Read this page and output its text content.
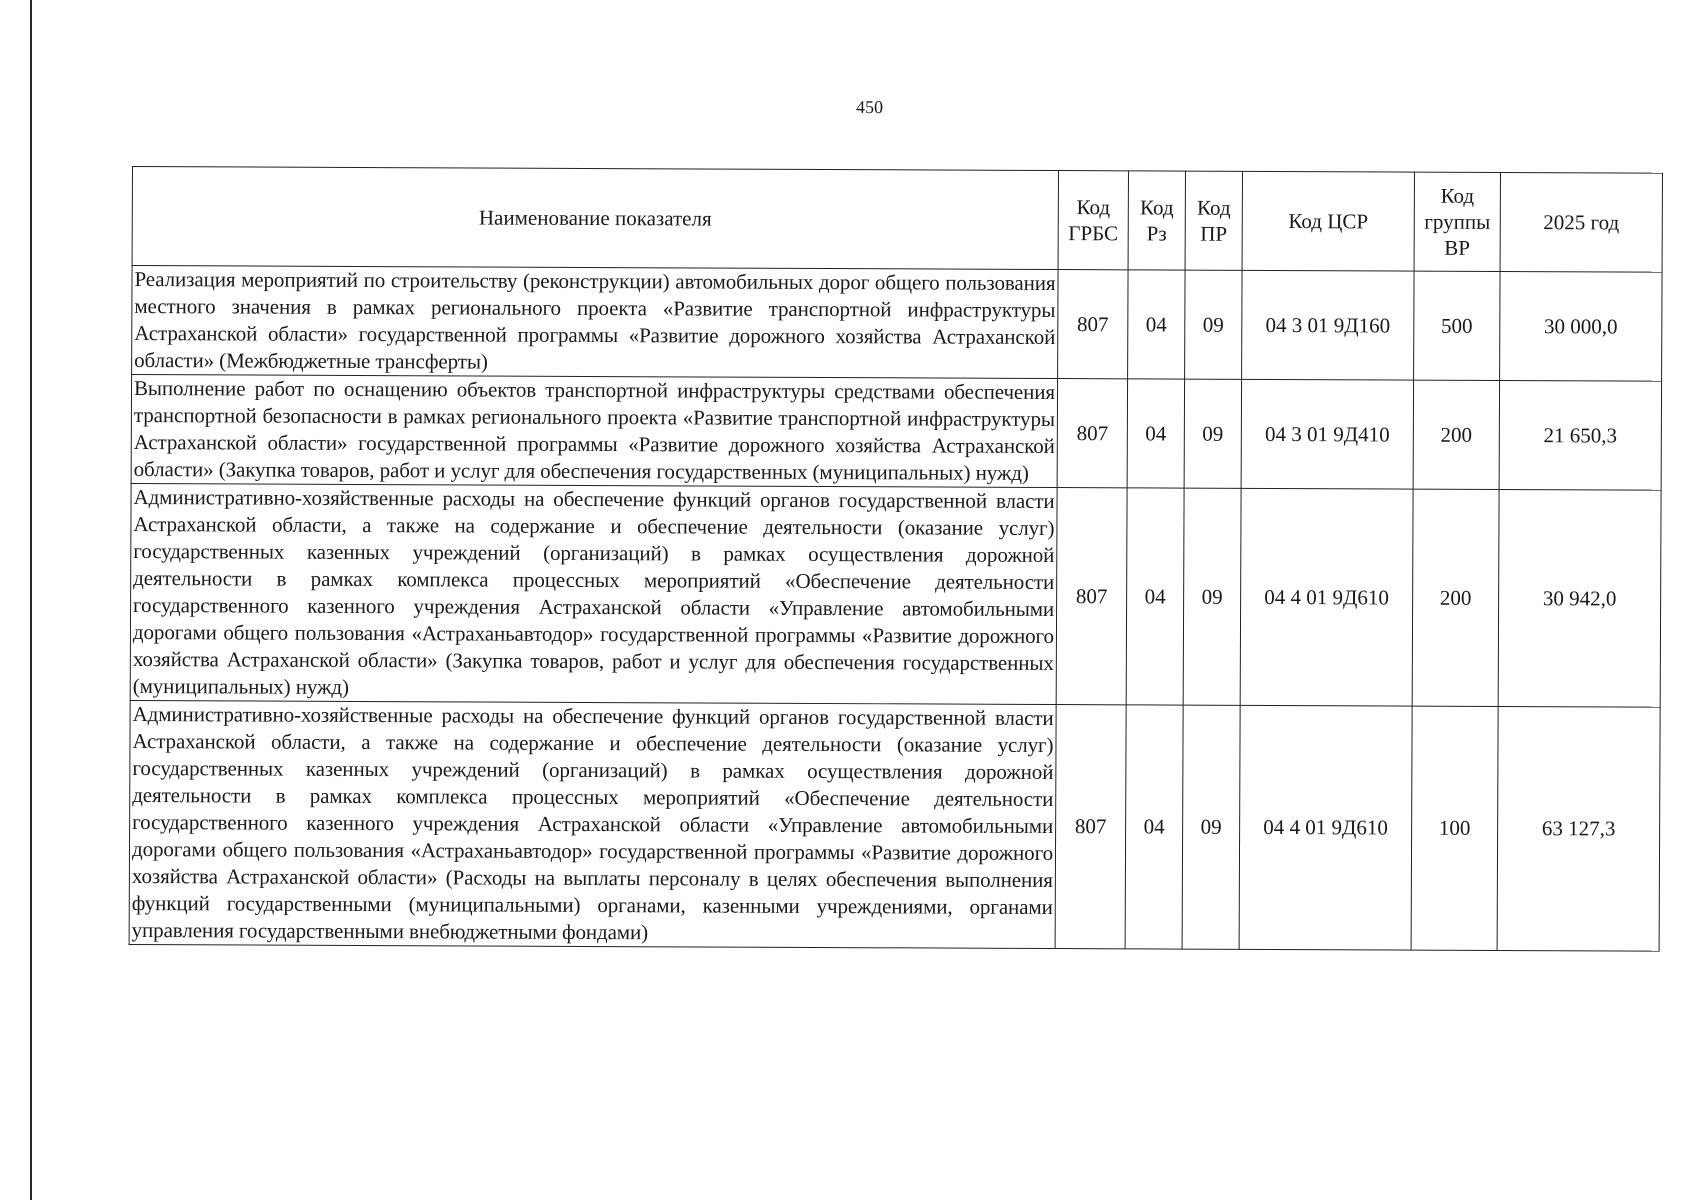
450
Наименование показателя	Код ГРБС	Код Рз	Код ПР	Код ЦСР	Код группы ВР	2025 год
Реализация мероприятий по строительству (реконструкции) автомобильных дорог общего пользования местного значения в рамках регионального проекта «Развитие транспортной инфраструктуры Астраханской области» государственной программы «Развитие дорожного хозяйства Астраханской области» (Межбюджетные трансферты)	807	04	09	04 3 01 9Д160	500	30 000,0
Выполнение работ по оснащению объектов транспортной инфраструктуры средствами обеспечения транспортной безопасности в рамках регионального проекта «Развитие транспортной инфраструктуры Астраханской области» государственной программы «Развитие дорожного хозяйства Астраханской области» (Закупка товаров, работ и услуг для обеспечения государственных (муниципальных) нужд)	807	04	09	04 3 01 9Д410	200	21 650,3
Административно-хозяйственные расходы на обеспечение функций органов государственной власти Астраханской области, а также на содержание и обеспечение деятельности (оказание услуг) государственных казенных учреждений (организаций) в рамках осуществления дорожной деятельности в рамках комплекса процессных мероприятий «Обеспечение деятельности государственного казенного учреждения Астраханской области «Управление автомобильными дорогами общего пользования «Астраханьавтодор» государственной программы «Развитие дорожного хозяйства Астраханской области» (Закупка товаров, работ и услуг для обеспечения государственных (муниципальных) нужд)	807	04	09	04 4 01 9Д610	200	30 942,0
Административно-хозяйственные расходы на обеспечение функций органов государственной власти Астраханской области, а также на содержание и обеспечение деятельности (оказание услуг) государственных казенных учреждений (организаций) в рамках осуществления дорожной деятельности в рамках комплекса процессных мероприятий «Обеспечение деятельности государственного казенного учреждения Астраханской области «Управление автомобильными дорогами общего пользования «Астраханьавтодор» государственной программы «Развитие дорожного хозяйства Астраханской области» (Расходы на выплаты персоналу в целях обеспечения выполнения функций государственными (муниципальными) органами, казенными учреждениями, органами управления государственными внебюджетными фондами)	807	04	09	04 4 01 9Д610	100	63 127,3
